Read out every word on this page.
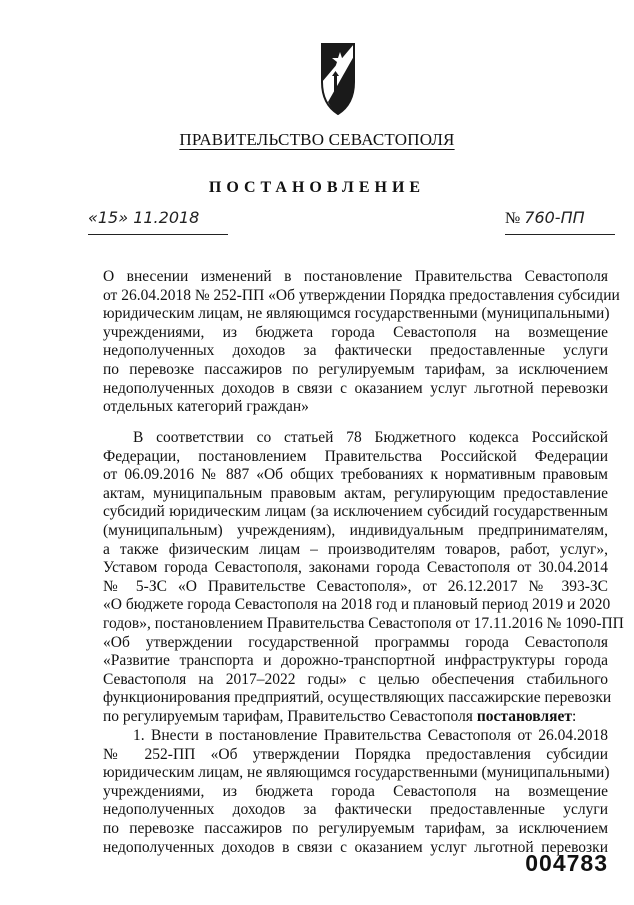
ПРАВИТЕЛЬСТВО СЕВАСТОПОЛЯ
ПОСТАНОВЛЕНИЕ
«15» 11.2018	№ 760-ПП
О внесении изменений в постановление Правительства Севастополя
от 26.04.2018 № 252-ПП «Об утверждении Порядка предоставления субсидии
юридическим лицам, не являющимся государственными (муниципальными)
учреждениями, из бюджета города Севастополя на возмещение
недополученных доходов за фактически предоставленные услуги
по перевозке пассажиров по регулируемым тарифам, за исключением
недополученных доходов в связи с оказанием услуг льготной перевозки
отдельных категорий граждан»
В соответствии со статьей 78 Бюджетного кодекса Российской
Федерации, постановлением Правительства Российской Федерации
от 06.09.2016 № 887 «Об общих требованиях к нормативным правовым
актам, муниципальным правовым актам, регулирующим предоставление
субсидий юридическим лицам (за исключением субсидий государственным
(муниципальным) учреждениям), индивидуальным предпринимателям,
а также физическим лицам – производителям товаров, работ, услуг»,
Уставом города Севастополя, законами города Севастополя от 30.04.2014
№ 5-ЗС «О Правительстве Севастополя», от 26.12.2017 № 393-ЗС
«О бюджете города Севастополя на 2018 год и плановый период 2019 и 2020
годов», постановлением Правительства Севастополя от 17.11.2016 № 1090-ПП
«Об утверждении государственной программы города Севастополя
«Развитие транспорта и дорожно-транспортной инфраструктуры города
Севастополя на 2017–2022 годы» с целью обеспечения стабильного
функционирования предприятий, осуществляющих пассажирские перевозки
по регулируемым тарифам, Правительство Севастополя постановляет:
1. Внести в постановление Правительства Севастополя от 26.04.2018
№ 252-ПП «Об утверждении Порядка предоставления субсидии
юридическим лицам, не являющимся государственными (муниципальными)
учреждениями, из бюджета города Севастополя на возмещение
недополученных доходов за фактически предоставленные услуги
по перевозке пассажиров по регулируемым тарифам, за исключением
недополученных доходов в связи с оказанием услуг льготной перевозки
004783
